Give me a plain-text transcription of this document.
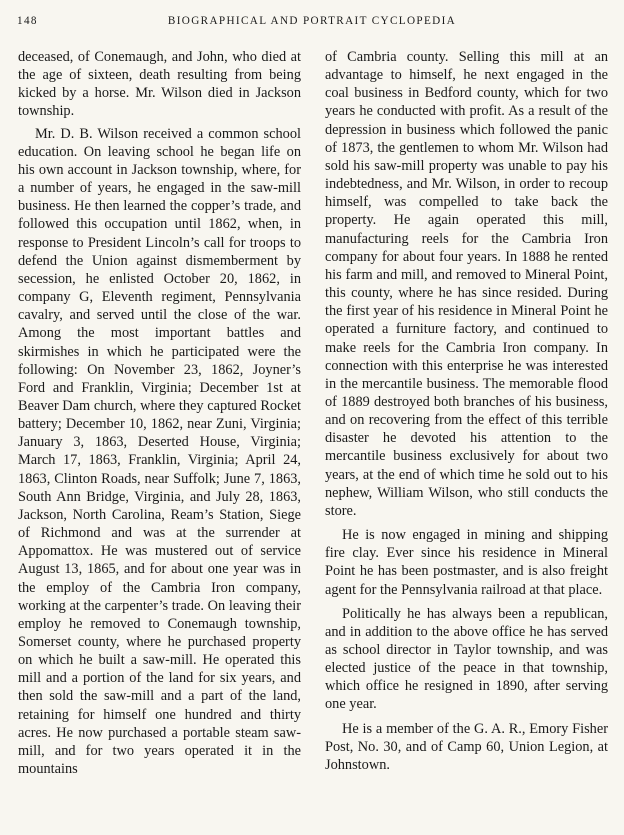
148	BIOGRAPHICAL AND PORTRAIT CYCLOPEDIA

deceased, of Conemaugh, and John, who died at the age of sixteen, death resulting from being kicked by a horse. Mr. Wilson died in Jackson township.

Mr. D. B. Wilson received a common school education. On leaving school he began life on his own account in Jackson township, where, for a number of years, he engaged in the saw-mill business. He then learned the copper’s trade, and followed this occupation until 1862, when, in response to President Lincoln’s call for troops to defend the Union against dismemberment by secession, he enlisted October 20, 1862, in company G, Eleventh regiment, Pennsylvania cavalry, and served until the close of the war. Among the most important battles and skirmishes in which he participated were the following: On November 23, 1862, Joyner’s Ford and Franklin, Virginia; December 1st at Beaver Dam church, where they captured Rocket battery; December 10, 1862, near Zuni, Virginia; January 3, 1863, Deserted House, Virginia; March 17, 1863, Franklin, Virginia; April 24, 1863, Clinton Roads, near Suffolk; June 7, 1863, South Ann Bridge, Virginia, and July 28, 1863, Jackson, North Carolina, Ream’s Station, Siege of Richmond and was at the surrender at Appomattox. He was mustered out of service August 13, 1865, and for about one year was in the employ of the Cambria Iron company, working at the carpenter’s trade. On leaving their employ he removed to Conemaugh township, Somerset county, where he purchased property on which he built a saw-mill. He operated this mill and a portion of the land for six years, and then sold the saw-mill and a part of the land, retaining for himself one hundred and thirty acres. He now purchased a portable steam saw-mill, and for two years operated it in the mountains

of Cambria county. Selling this mill at an advantage to himself, he next engaged in the coal business in Bedford county, which for two years he conducted with profit. As a result of the depression in business which followed the panic of 1873, the gentlemen to whom Mr. Wilson had sold his saw-mill property was unable to pay his indebtedness, and Mr. Wilson, in order to recoup himself, was compelled to take back the property. He again operated this mill, manufacturing reels for the Cambria Iron company for about four years. In 1888 he rented his farm and mill, and removed to Mineral Point, this county, where he has since resided. During the first year of his residence in Mineral Point he operated a furniture factory, and continued to make reels for the Cambria Iron company. In connection with this enterprise he was interested in the mercantile business. The memorable flood of 1889 destroyed both branches of his business, and on recovering from the effect of this terrible disaster he devoted his attention to the mercantile business exclusively for about two years, at the end of which time he sold out to his nephew, William Wilson, who still conducts the store.

He is now engaged in mining and shipping fire clay. Ever since his residence in Mineral Point he has been postmaster, and is also freight agent for the Pennsylvania railroad at that place.

Politically he has always been a republican, and in addition to the above office he has served as school director in Taylor township, and was elected justice of the peace in that township, which office he resigned in 1890, after serving one year.

He is a member of the G. A. R., Emory Fisher Post, No. 30, and of Camp 60, Union Legion, at Johnstown.
